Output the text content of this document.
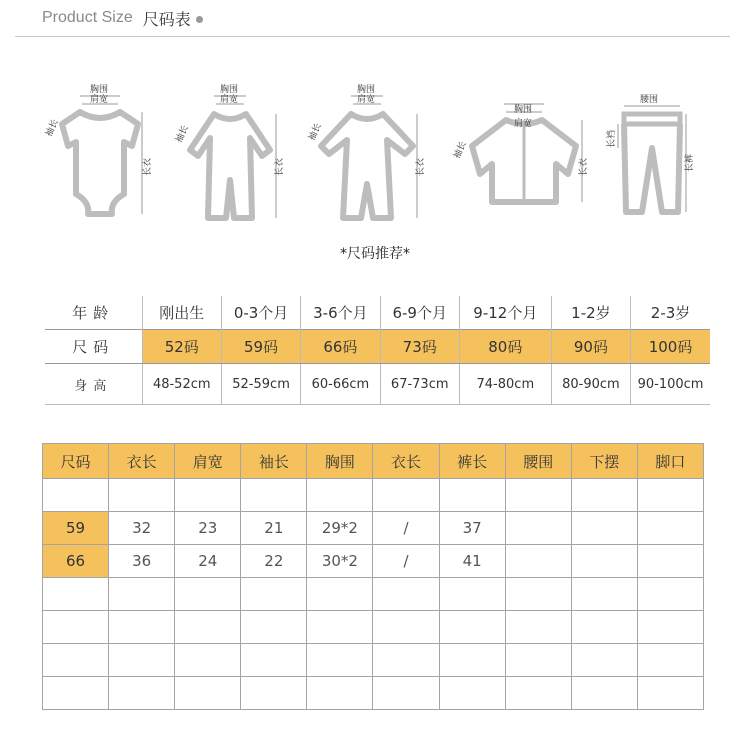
Product Size 尺码表
胸围
肩宽
长衣
袖长
胸围
肩宽
长衣
袖长
胸围
肩宽
长衣
袖长
胸围
肩宽
长衣
袖长
腰围
长裤
长裆
*尺码推荐*
年龄	刚出生	0-3个月	3-6个月	6-9个月	9-12个月	1-2岁	2-3岁
尺码	52码	59码	66码	73码	80码	90码	100码
身高	48-52cm	52-59cm	60-66cm	67-73cm	74-80cm	80-90cm	90-100cm
尺码	衣长	肩宽	袖长	胸围	衣长	裤长	腰围	下摆	脚口

59	32	23	21	29*2	/	37			
66	36	24	22	30*2	/	41			
